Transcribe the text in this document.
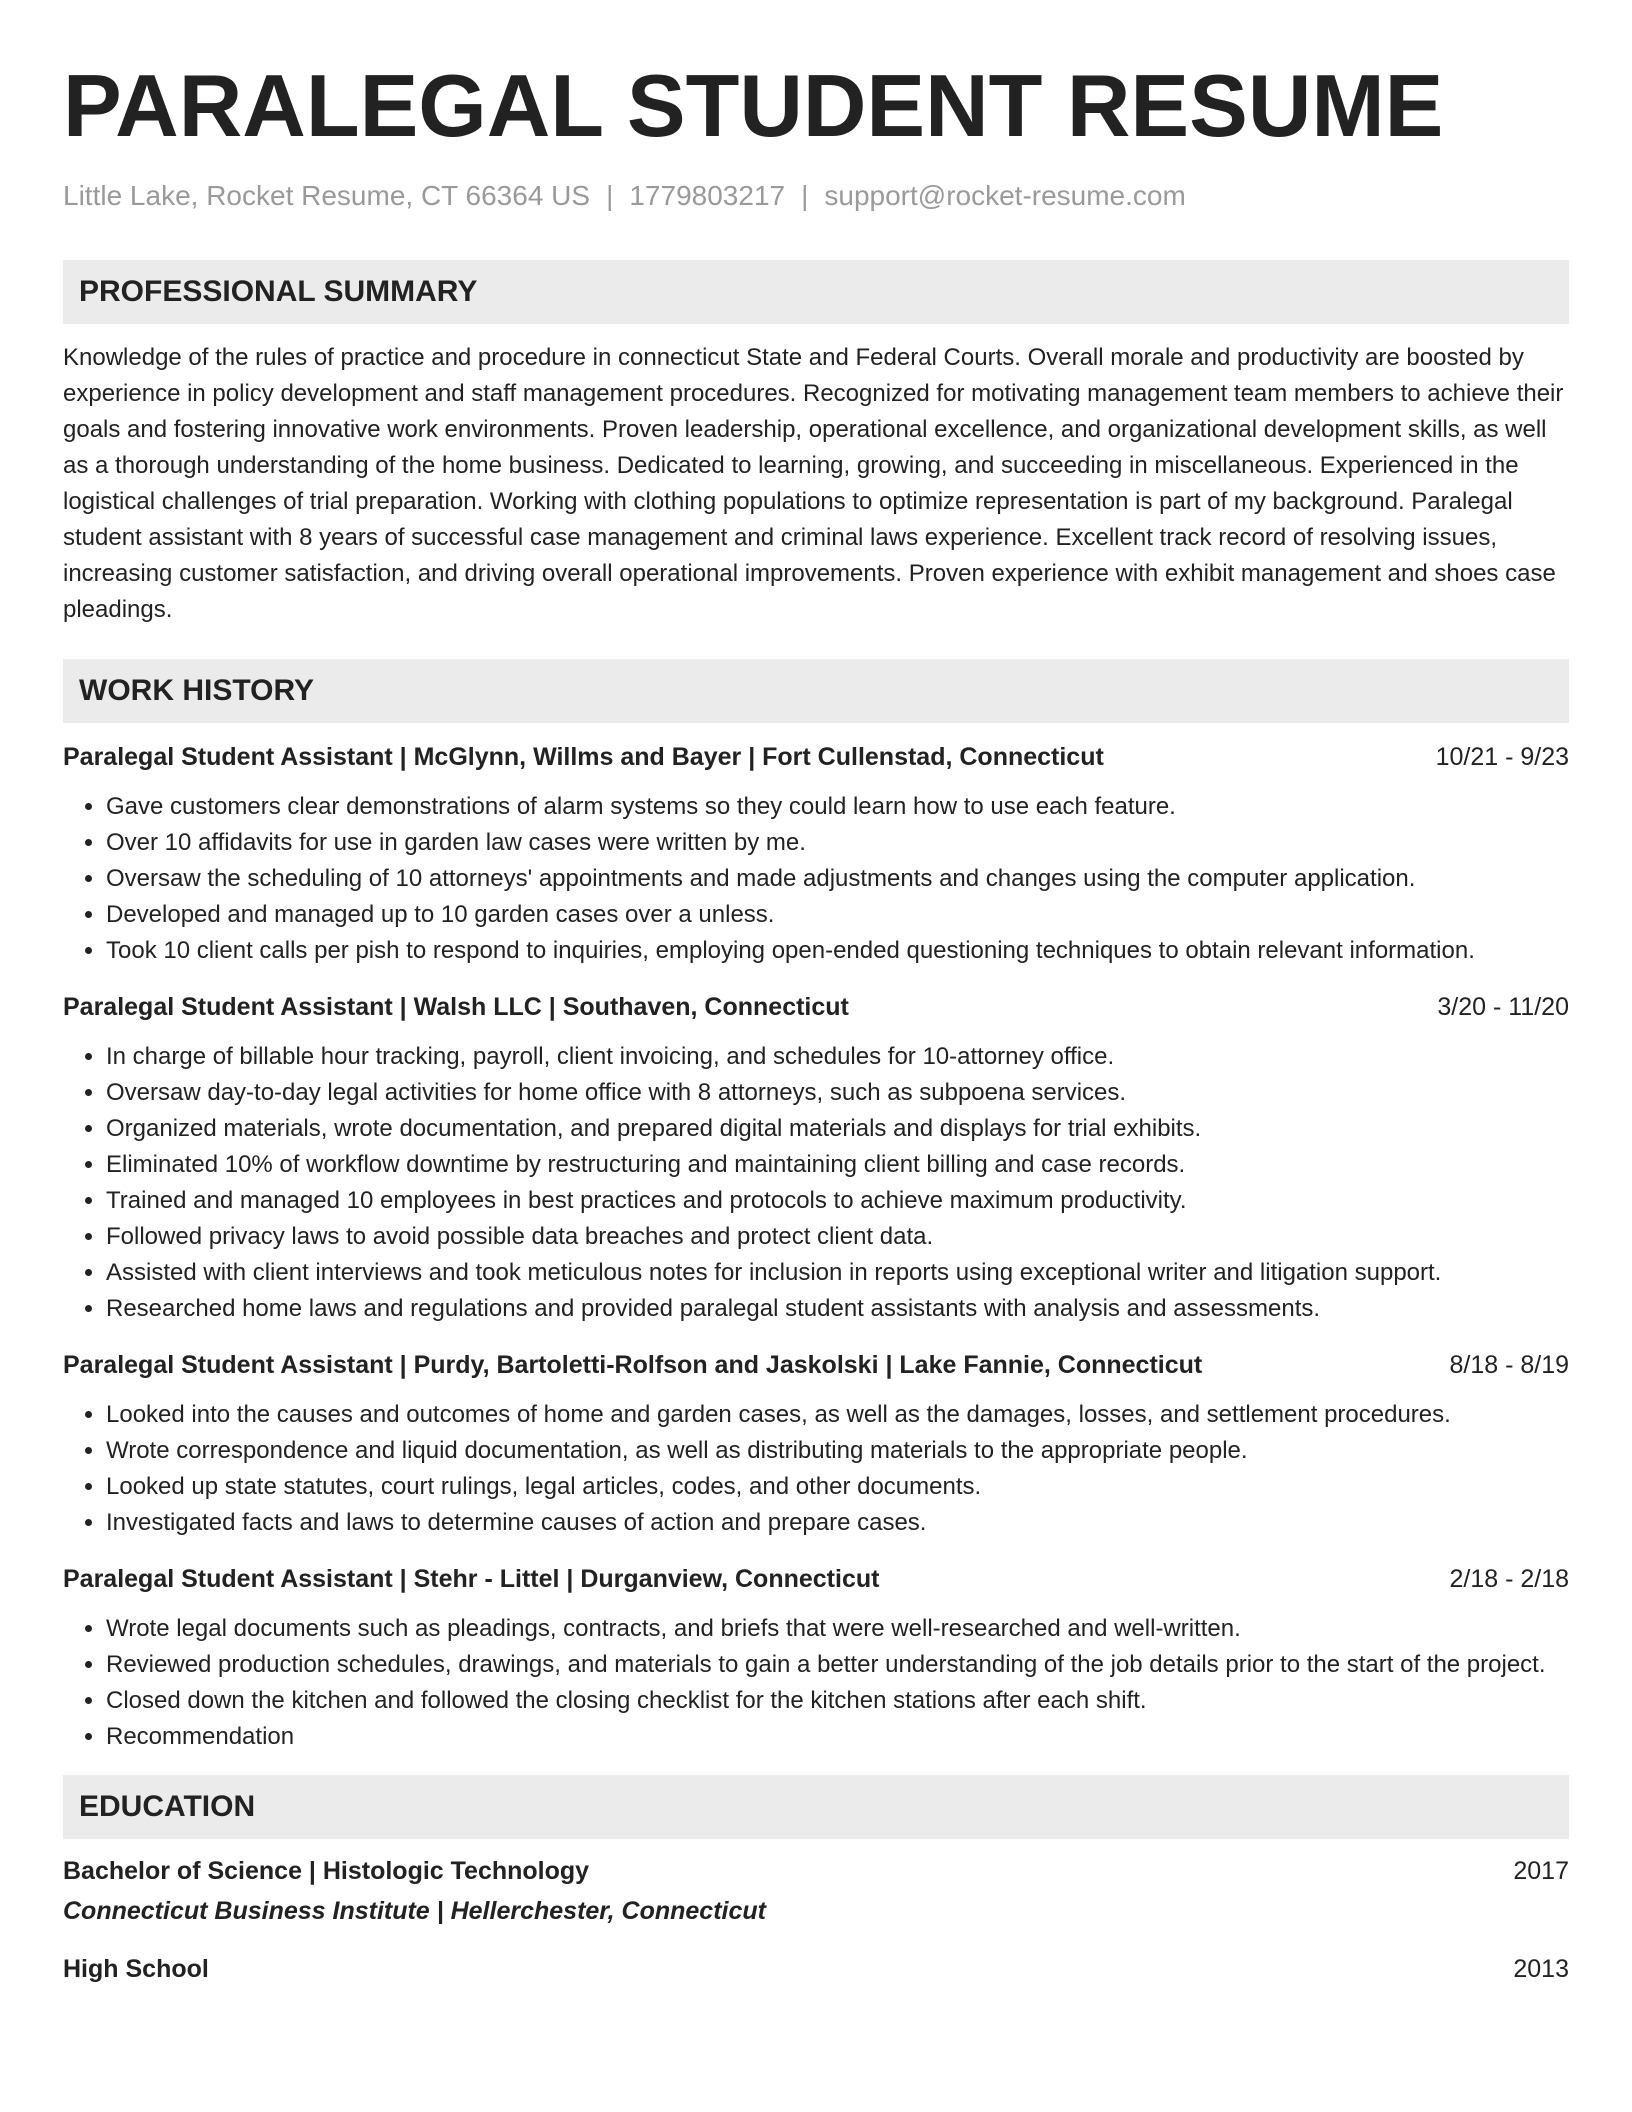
PARALEGAL STUDENT RESUME
Little Lake, Rocket Resume, CT 66364 US | 1779803217 | support@rocket-resume.com
PROFESSIONAL SUMMARY
Knowledge of the rules of practice and procedure in connecticut State and Federal Courts. Overall morale and productivity are boosted by experience in policy development and staff management procedures. Recognized for motivating management team members to achieve their goals and fostering innovative work environments. Proven leadership, operational excellence, and organizational development skills, as well as a thorough understanding of the home business. Dedicated to learning, growing, and succeeding in miscellaneous. Experienced in the logistical challenges of trial preparation. Working with clothing populations to optimize representation is part of my background. Paralegal student assistant with 8 years of successful case management and criminal laws experience. Excellent track record of resolving issues, increasing customer satisfaction, and driving overall operational improvements. Proven experience with exhibit management and shoes case pleadings.
WORK HISTORY
Paralegal Student Assistant | McGlynn, Willms and Bayer | Fort Cullenstad, Connecticut	10/21 - 9/23
• Gave customers clear demonstrations of alarm systems so they could learn how to use each feature.
• Over 10 affidavits for use in garden law cases were written by me.
• Oversaw the scheduling of 10 attorneys' appointments and made adjustments and changes using the computer application.
• Developed and managed up to 10 garden cases over a unless.
• Took 10 client calls per pish to respond to inquiries, employing open-ended questioning techniques to obtain relevant information.
Paralegal Student Assistant | Walsh LLC | Southaven, Connecticut	3/20 - 11/20
• In charge of billable hour tracking, payroll, client invoicing, and schedules for 10-attorney office.
• Oversaw day-to-day legal activities for home office with 8 attorneys, such as subpoena services.
• Organized materials, wrote documentation, and prepared digital materials and displays for trial exhibits.
• Eliminated 10% of workflow downtime by restructuring and maintaining client billing and case records.
• Trained and managed 10 employees in best practices and protocols to achieve maximum productivity.
• Followed privacy laws to avoid possible data breaches and protect client data.
• Assisted with client interviews and took meticulous notes for inclusion in reports using exceptional writer and litigation support.
• Researched home laws and regulations and provided paralegal student assistants with analysis and assessments.
Paralegal Student Assistant | Purdy, Bartoletti-Rolfson and Jaskolski | Lake Fannie, Connecticut	8/18 - 8/19
• Looked into the causes and outcomes of home and garden cases, as well as the damages, losses, and settlement procedures.
• Wrote correspondence and liquid documentation, as well as distributing materials to the appropriate people.
• Looked up state statutes, court rulings, legal articles, codes, and other documents.
• Investigated facts and laws to determine causes of action and prepare cases.
Paralegal Student Assistant | Stehr - Littel | Durganview, Connecticut	2/18 - 2/18
• Wrote legal documents such as pleadings, contracts, and briefs that were well-researched and well-written.
• Reviewed production schedules, drawings, and materials to gain a better understanding of the job details prior to the start of the project.
• Closed down the kitchen and followed the closing checklist for the kitchen stations after each shift.
• Recommendation
EDUCATION
Bachelor of Science | Histologic Technology	2017
Connecticut Business Institute | Hellerchester, Connecticut
High School	2013
